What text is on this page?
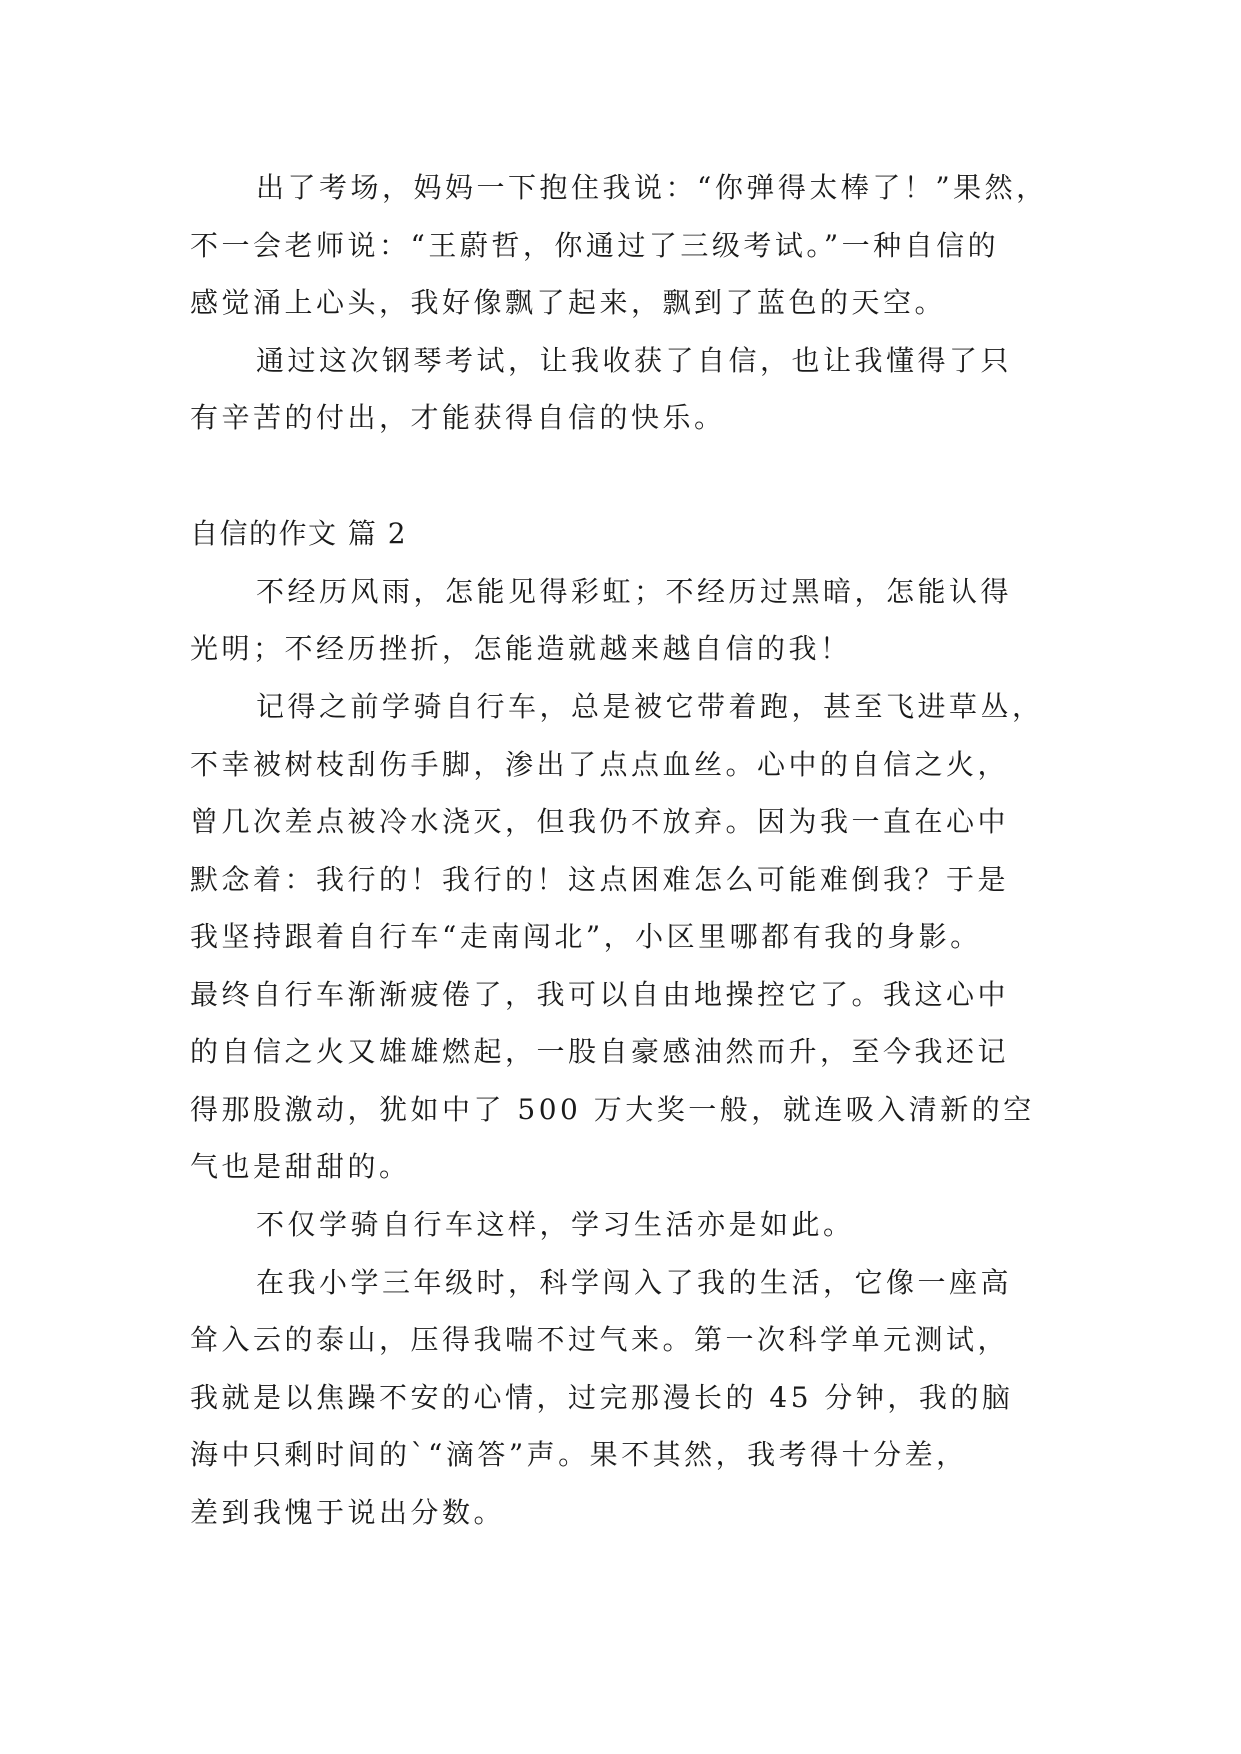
出了考场，妈妈一下抱住我说：“你弹得太棒了！”果然，
不一会老师说：“王蔚哲，你通过了三级考试。”一种自信的
感觉涌上心头，我好像飘了起来，飘到了蓝色的天空。
通过这次钢琴考试，让我收获了自信，也让我懂得了只
有辛苦的付出，才能获得自信的快乐。
自信的作文 篇 2
不经历风雨，怎能见得彩虹；不经历过黑暗，怎能认得
光明；不经历挫折，怎能造就越来越自信的我！
记得之前学骑自行车，总是被它带着跑，甚至飞进草丛，
不幸被树枝刮伤手脚，渗出了点点血丝。心中的自信之火，
曾几次差点被冷水浇灭，但我仍不放弃。因为我一直在心中
默念着：我行的！我行的！这点困难怎么可能难倒我？于是
我坚持跟着自行车“走南闯北”，小区里哪都有我的身影。
最终自行车渐渐疲倦了，我可以自由地操控它了。我这心中
的自信之火又雄雄燃起，一股自豪感油然而升，至今我还记
得那股激动，犹如中了 500 万大奖一般，就连吸入清新的空
气也是甜甜的。
不仅学骑自行车这样，学习生活亦是如此。
在我小学三年级时，科学闯入了我的生活，它像一座高
耸入云的泰山，压得我喘不过气来。第一次科学单元测试，
我就是以焦躁不安的心情，过完那漫长的 45 分钟，我的脑
海中只剩时间的`“滴答”声。果不其然，我考得十分差，
差到我愧于说出分数。
